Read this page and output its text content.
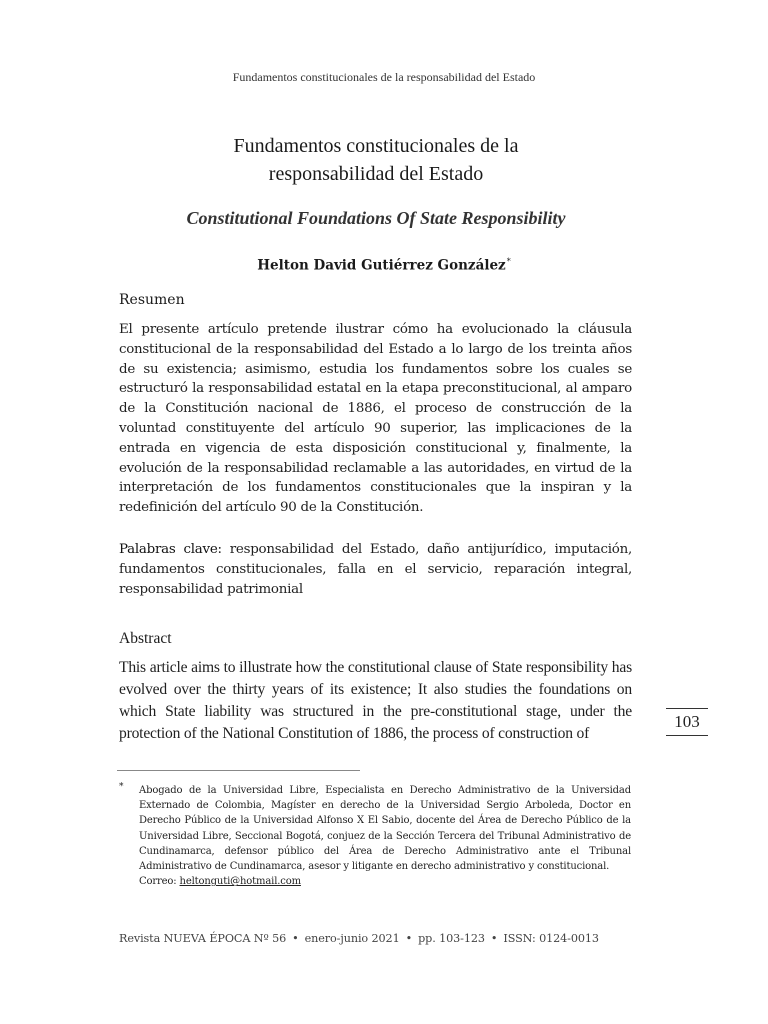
Fundamentos constitucionales de la responsabilidad del Estado
Fundamentos constitucionales de la
responsabilidad del Estado
Constitutional Foundations Of State Responsibility
Helton David Gutiérrez González*
Resumen

El presente artículo pretende ilustrar cómo ha evolucionado la cláusula constitucional de la responsabilidad del Estado a lo largo de los treinta años de su existencia; asimismo, estudia los fundamentos sobre los cuales se estructuró la responsabilidad estatal en la etapa preconstitucional, al amparo de la Constitución nacional de 1886, el proceso de construcción de la voluntad constituyente del artículo 90 superior, las implicaciones de la entrada en vigencia de esta disposición constitucional y, finalmente, la evolución de la responsabilidad reclamable a las autoridades, en virtud de la interpretación de los fundamentos constitucionales que la inspiran y la redefinición del artículo 90 de la Constitución.

Palabras clave: responsabilidad del Estado, daño antijurídico, imputación, fundamentos constitucionales, falla en el servicio, reparación integral, responsabilidad patrimonial

Abstract

This article aims to illustrate how the constitutional clause of State responsibility has evolved over the thirty years of its existence; It also studies the foundations on which State liability was structured in the pre-constitutional stage, under the protection of the National Constitution of 1886, the process of construction of

103
* Abogado de la Universidad Libre, Especialista en Derecho Administrativo de la Universidad Externado de Colombia, Magíster en derecho de la Universidad Sergio Arboleda, Doctor en Derecho Público de la Universidad Alfonso X El Sabio, docente del Área de Derecho Público de la Universidad Libre, Seccional Bogotá, conjuez de la Sección Tercera del Tribunal Administrativo de Cundinamarca, defensor público del Área de Derecho Administrativo ante el Tribunal Administrativo de Cundinamarca, asesor y litigante en derecho administrativo y constitucional.
Correo: heltonguti@hotmail.com

Revista NUEVA ÉPOCA Nº 56 • enero-junio 2021 • pp. 103-123 • ISSN: 0124-0013
